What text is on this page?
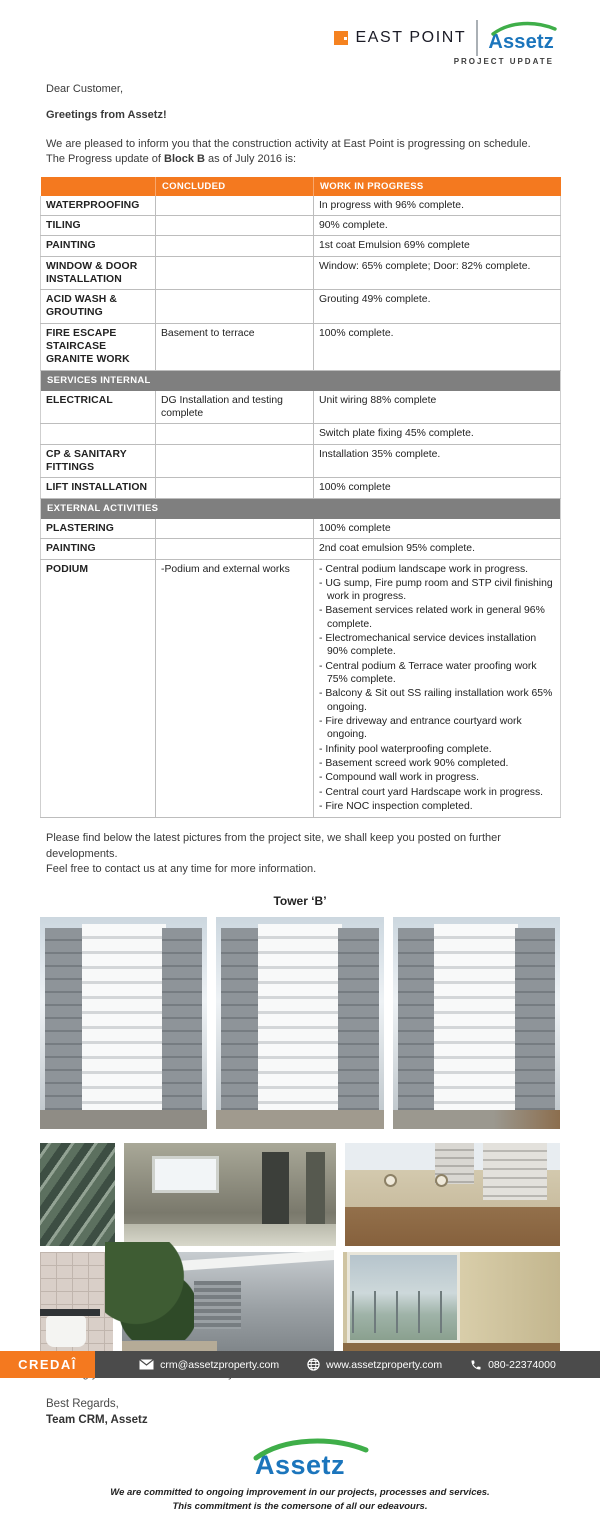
EAST POINT Assetz
PROJECT UPDATE
Dear Customer,
Greetings from Assetz!
We are pleased to inform you that the construction activity at East Point is progressing on schedule.
The Progress update of Block B as of July 2016 is:
	CONCLUDED	WORK IN PROGRESS
WATERPROOFING		In progress with 96% complete.
TILING		90% complete.
PAINTING		1st coat Emulsion 69% complete
WINDOW & DOOR INSTALLATION		Window: 65% complete; Door: 82% complete.
ACID WASH & GROUTING		Grouting 49% complete.
FIRE ESCAPE STAIRCASE GRANITE WORK	Basement to terrace	100% complete.
SERVICES INTERNAL		
ELECTRICAL	DG Installation and testing complete	Unit wiring 88% complete
		Switch plate fixing 45% complete.
CP & SANITARY FITTINGS		Installation 35% complete.
LIFT INSTALLATION		100% complete
EXTERNAL ACTIVITIES		
PLASTERING		100% complete
PAINTING		2nd coat emulsion 95% complete.
PODIUM	-Podium and external works	- Central podium landscape work in progress.
- UG sump, Fire pump room and STP civil finishing work in progress.
- Basement services related work in general 96% complete.
- Electromechanical service devices installation 90% complete.
- Central podium & Terrace water proofing work 75% complete.
- Balcony & Sit out SS railing installation work 65% ongoing.
- Fire driveway and entrance courtyard work ongoing.
- Infinity pool waterproofing complete.
- Basement screed work 90% completed.
- Compound wall work in progress.
- Central court yard Hardscape work in progress.
- Fire NOC inspection completed.
Please find below the latest pictures from the project site, we shall keep you posted on further developments.
Feel free to contact us at any time for more information.
Tower ‘B’
Best Regards,
Team CRM, Assetz
Assetz
We are committed to ongoing improvement in our projects, processes and services.
This commitment is the comersone of all our edeavours.
CREDAÎ	crm@assetzproperty.com	www.assetzproperty.com	080-22374000
